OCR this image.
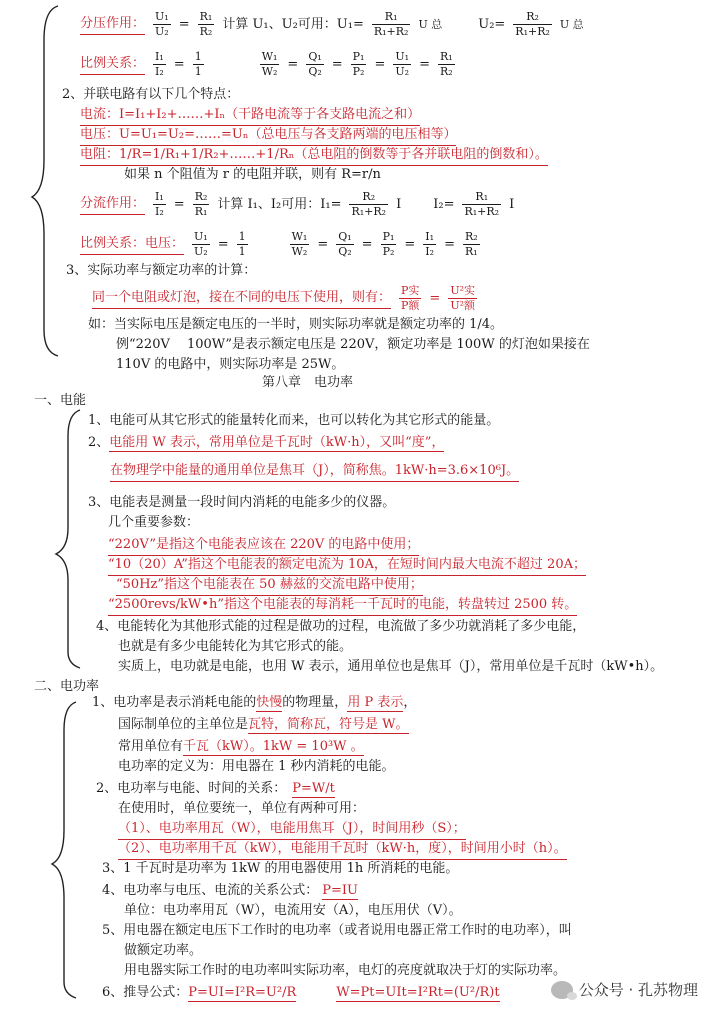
分压作用： $\frac{\text{U₁}}{\text{U₂}} = \frac{\text{R₁}}{\text{R₂}}$ 计算 U₁、U₂可用：$U_1= \frac{\text{R₁}}{\text{R₁+R₂}}$ U 总	$U_2= \frac{\text{R₂}}{\text{R₁+R₂}}$ U 总
比例关系： $\frac{\text{I₁}}{\text{I₂}} = \frac{1}{1}$	$\frac{\text{W₁}}{\text{W₂}} = \frac{\text{Q₁}}{\text{Q₂}} = \frac{\text{P₁}}{\text{P₂}} = \frac{\text{U₁}}{\text{U₂}} = \frac{\text{R₁}}{\text{R₂}}$
2、并联电路有以下几个特点：
电流：I=I₁+I₂+……+Iₙ（干路电流等于各支路电流之和）
电压：U=U₁=U₂=……=Uₙ（总电压与各支路两端的电压相等）
电阻：1/R=1/R₁+1/R₂+……+1/Rₙ（总电阻的倒数等于各并联电阻的倒数和）。
如果 n 个阻值为 r 的电阻并联，则有 R=r/n
分流作用： $\frac{\text{I₁}}{\text{I₂}} = \frac{\text{R₂}}{\text{R₁}}$ 计算 I₁、I₂可用：$I_1= \frac{\text{R₂}}{\text{R₁+R₂}}$ I $I_2= \frac{\text{R₁}}{\text{R₁+R₂}}$ I
比例关系：电压： $\frac{\text{U₁}}{\text{U₂}} = \frac{1}{1}$	$\frac{\text{W₁}}{\text{W₂}} = \frac{\text{Q₁}}{\text{Q₂}} = \frac{\text{P₁}}{\text{P₂}} = \frac{\text{I₁}}{\text{I₂}} = \frac{\text{R₂}}{\text{R₁}}$
3、实际功率与额定功率的计算：
同一个电阻或灯泡，接在不同的电压下使用，则有： $\frac{\text{P实}}{\text{P额}} = \frac{\text{U²实}}{\text{U²额}}$
如：当实际电压是额定电压的一半时，则实际功率就是额定功率的 1/4。
例“220V　 100W”是表示额定电压是 220V，额定功率是 100W 的灯泡如果接在
110V 的电路中，则实际功率是 25W。
第八章　电功率
一、电能
1、电能可从其它形式的能量转化而来，也可以转化为其它形式的能量。
2、电能用 W 表示，常用单位是千瓦时（kW·h），又叫“度”，
在物理学中能量的通用单位是焦耳（J），简称焦。1kW·h=3.6×10⁶J。
3、电能表是测量一段时间内消耗的电能多少的仪器。
几个重要参数：
“220V”是指这个电能表应该在 220V 的电路中使用；
“10（20）A”指这个电能表的额定电流为 10A，在短时间内最大电流不超过 20A；
“50Hz”指这个电能表在 50 赫兹的交流电路中使用；
“2500revs/kW•h”指这个电能表的每消耗一千瓦时的电能，转盘转过 2500 转。
4、电能转化为其他形式能的过程是做功的过程，电流做了多少功就消耗了多少电能，
也就是有多少电能转化为其它形式的能。
实质上，电功就是电能，也用 W 表示，通用单位也是焦耳（J），常用单位是千瓦时（kW•h）。
二、电功率
1、电功率是表示消耗电能的快慢的物理量，用 P 表示，
国际制单位的主单位是瓦特，简称瓦，符号是 W。
常用单位有千瓦（kW）。1kW = 10³W 。
电功率的定义为：用电器在 1 秒内消耗的电能。
2、电功率与电能、时间的关系： P=W/t
在使用时，单位要统一，单位有两种可用：
（1）、电功率用瓦（W），电能用焦耳（J），时间用秒（S）；
（2）、电功率用千瓦（kW），电能用千瓦时（kW·h，度），时间用小时（h）。
3、1 千瓦时是功率为 1kW 的用电器使用 1h 所消耗的电能。
4、电功率与电压、电流的关系公式： P=IU
单位：电功率用瓦（W），电流用安（A），电压用伏（V）。
5、用电器在额定电压下工作时的电功率（或者说用电器正常工作时的电功率），叫
做额定功率。
用电器实际工作时的电功率叫实际功率，电灯的亮度就取决于灯的实际功率。
6、推导公式：P=UI=I²R=U²/R	W=Pt=UIt=I²Rt=(U²/R)t	公众号 · 孔苏物理
